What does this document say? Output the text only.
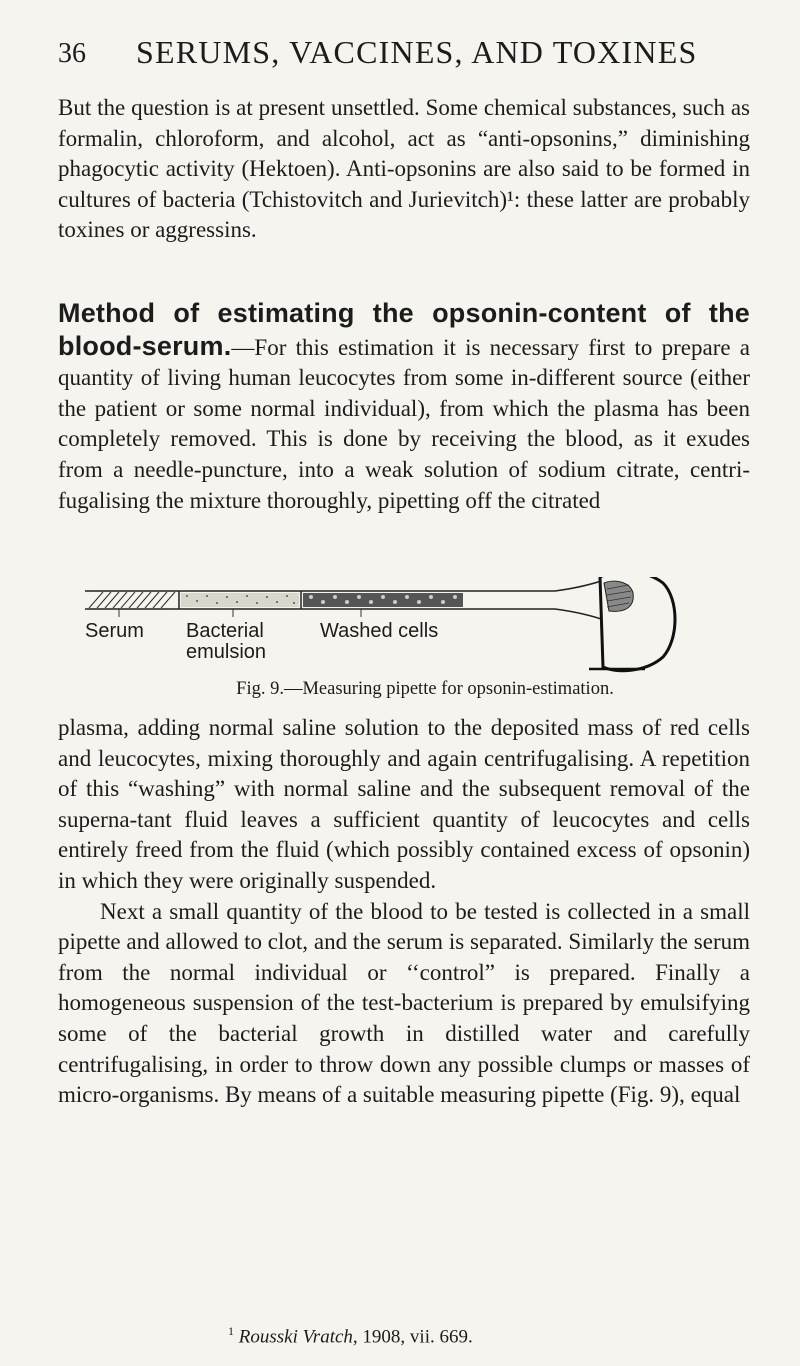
36 SERUMS, VACCINES, AND TOXINES
But the question is at present unsettled. Some chemical substances, such as formalin, chloroform, and alcohol, act as “anti-opsonins,” diminishing phagocytic activity (Hektoen). Anti-opsonins are also said to be formed in cultures of bacteria (Tchistovitch and Jurievitch)¹: these latter are probably toxines or aggressins.
Method of estimating the opsonin-content of the blood-serum.—For this estimation it is necessary first to prepare a quantity of living human leucocytes from some in-different source (either the patient or some normal individual), from which the plasma has been completely removed. This is done by receiving the blood, as it exudes from a needle-puncture, into a weak solution of sodium citrate, centri-fugalising the mixture thoroughly, pipetting off the citrated
Serum Bacterial
emulsion
Washed cells
Fig. 9.—Measuring pipette for opsonin-estimation.
plasma, adding normal saline solution to the deposited mass of red cells and leucocytes, mixing thoroughly and again centrifugalising. A repetition of this “washing” with normal saline and the subsequent removal of the superna-tant fluid leaves a sufficient quantity of leucocytes and cells entirely freed from the fluid (which possibly contained excess of opsonin) in which they were originally suspended.
Next a small quantity of the blood to be tested is collected in a small pipette and allowed to clot, and the serum is separated. Similarly the serum from the normal individual or ‘‘control” is prepared. Finally a homogeneous suspension of the test-bacterium is prepared by emulsifying some of the bacterial growth in distilled water and carefully centrifugalising, in order to throw down any possible clumps or masses of micro-organisms. By means of a suitable measuring pipette (Fig. 9), equal
$^1$ Rousski Vratch, 1908, vii. 669.
